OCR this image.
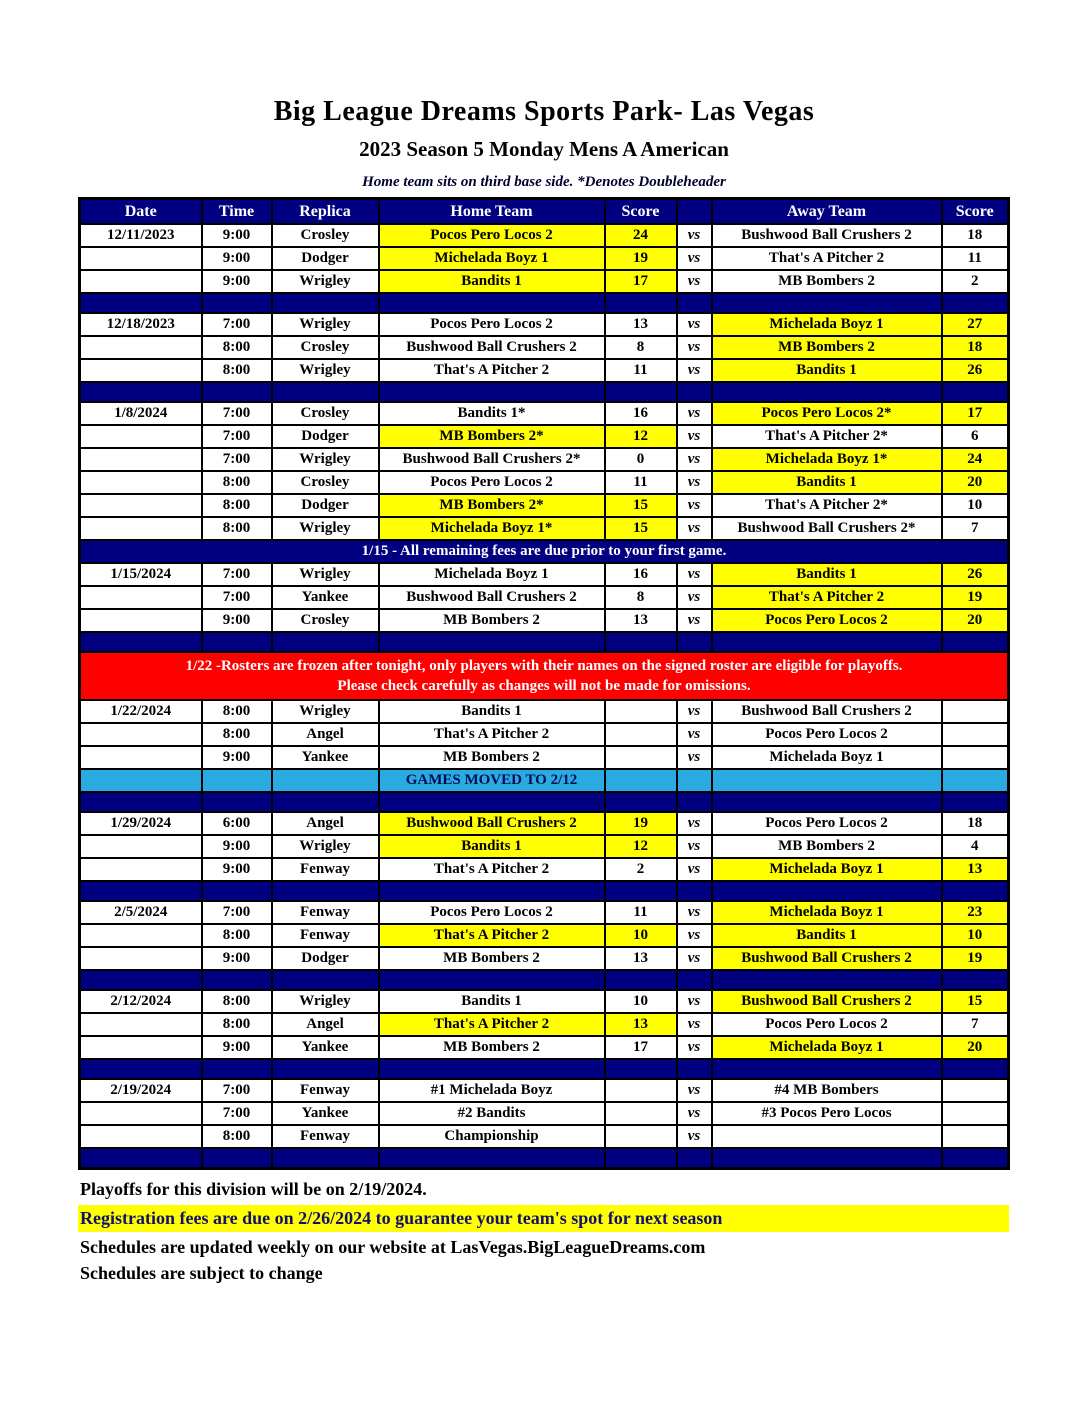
Big League Dreams Sports Park- Las Vegas
2023 Season 5 Monday Mens A American
Home team sits on third base side. *Denotes Doubleheader
Date	Time	Replica	Home Team	Score		Away Team	Score
12/11/2023	9:00	Crosley	Pocos Pero Locos 2	24	vs	Bushwood Ball Crushers 2	18
	9:00	Dodger	Michelada Boyz 1	19	vs	That's A Pitcher 2	11
	9:00	Wrigley	Bandits 1	17	vs	MB Bombers 2	2

12/18/2023	7:00	Wrigley	Pocos Pero Locos 2	13	vs	Michelada Boyz 1	27
	8:00	Crosley	Bushwood Ball Crushers 2	8	vs	MB Bombers 2	18
	8:00	Wrigley	That's A Pitcher 2	11	vs	Bandits 1	26

1/8/2024	7:00	Crosley	Bandits 1*	16	vs	Pocos Pero Locos 2*	17
	7:00	Dodger	MB Bombers 2*	12	vs	That's A Pitcher 2*	6
	7:00	Wrigley	Bushwood Ball Crushers 2*	0	vs	Michelada Boyz 1*	24
	8:00	Crosley	Pocos Pero Locos 2	11	vs	Bandits 1	20
	8:00	Dodger	MB Bombers 2*	15	vs	That's A Pitcher 2*	10
	8:00	Wrigley	Michelada Boyz 1*	15	vs	Bushwood Ball Crushers 2*	7
1/15 - All remaining fees are due prior to your first game.							
1/15/2024	7:00	Wrigley	Michelada Boyz 1	16	vs	Bandits 1	26
	7:00	Yankee	Bushwood Ball Crushers 2	8	vs	That's A Pitcher 2	19
	9:00	Crosley	MB Bombers 2	13	vs	Pocos Pero Locos 2	20

1/22 -Rosters are frozen after tonight, only players with their names on the signed roster are eligible for playoffs.
Please check carefully as changes will not be made for omissions.							
1/22/2024	8:00	Wrigley	Bandits 1		vs	Bushwood Ball Crushers 2	
	8:00	Angel	That's A Pitcher 2		vs	Pocos Pero Locos 2	
	9:00	Yankee	MB Bombers 2		vs	Michelada Boyz 1	
			GAMES MOVED TO 2/12				

1/29/2024	6:00	Angel	Bushwood Ball Crushers 2	19	vs	Pocos Pero Locos 2	18
	9:00	Wrigley	Bandits 1	12	vs	MB Bombers 2	4
	9:00	Fenway	That's A Pitcher 2	2	vs	Michelada Boyz 1	13

2/5/2024	7:00	Fenway	Pocos Pero Locos 2	11	vs	Michelada Boyz 1	23
	8:00	Fenway	That's A Pitcher 2	10	vs	Bandits 1	10
	9:00	Dodger	MB Bombers 2	13	vs	Bushwood Ball Crushers 2	19

2/12/2024	8:00	Wrigley	Bandits 1	10	vs	Bushwood Ball Crushers 2	15
	8:00	Angel	That's A Pitcher 2	13	vs	Pocos Pero Locos 2	7
	9:00	Yankee	MB Bombers 2	17	vs	Michelada Boyz 1	20

2/19/2024	7:00	Fenway	#1 Michelada Boyz		vs	#4 MB Bombers	
	7:00	Yankee	#2 Bandits		vs	#3 Pocos Pero Locos	
	8:00	Fenway	Championship		vs		

Playoffs for this division will be on 2/19/2024.
Registration fees are due on 2/26/2024 to guarantee your team's spot for next season
Schedules are updated weekly on our website at LasVegas.BigLeagueDreams.com
Schedules are subject to change
